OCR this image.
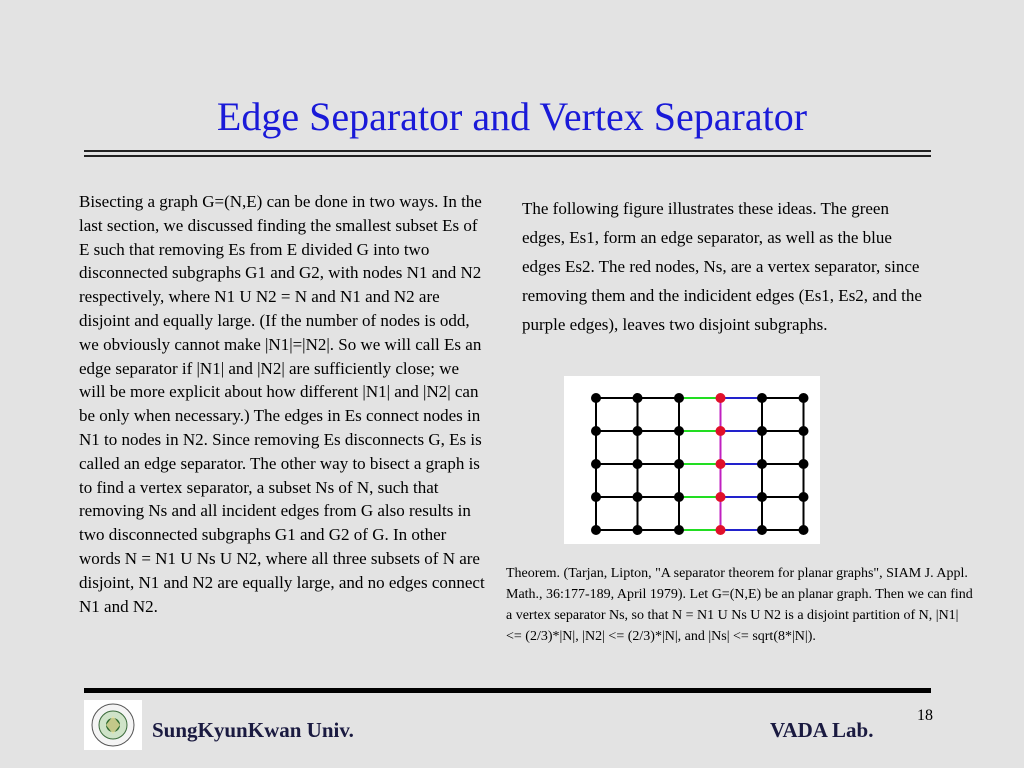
Edge Separator and Vertex Separator
Bisecting a graph G=(N,E) can be done in two ways. In the last section, we discussed finding the smallest subset Es of E such that removing Es from E divided G into two disconnected subgraphs G1 and G2, with nodes N1 and N2 respectively, where N1 U N2 = N and N1 and N2 are disjoint and equally large. (If the number of nodes is odd, we obviously cannot make |N1|=|N2|. So we will call Es an edge separator if |N1| and |N2| are sufficiently close; we will be more explicit about how different |N1| and |N2| can be only when necessary.) The edges in Es connect nodes in N1 to nodes in N2. Since removing Es disconnects G, Es is called an edge separator. The other way to bisect a graph is to find a vertex separator, a subset Ns of N, such that removing Ns and all incident edges from G also results in two disconnected subgraphs G1 and G2 of G. In other words N = N1 U Ns U N2, where all three subsets of N are disjoint, N1 and N2 are equally large, and no edges connect N1 and N2.
The following figure illustrates these ideas. The green edges, Es1, form an edge separator, as well as the blue edges Es2. The red nodes, Ns, are a vertex separator, since removing them and the indicident edges (Es1, Es2, and the purple edges), leaves two disjoint subgraphs.
Theorem. (Tarjan, Lipton, "A separator theorem for planar graphs", SIAM J. Appl. Math., 36:177-189, April 1979). Let G=(N,E) be an planar graph. Then we can find a vertex separator Ns, so that N = N1 U Ns U N2 is a disjoint partition of N, |N1| <= (2/3)*|N|, |N2| <= (2/3)*|N|, and |Ns| <= sqrt(8*|N|).
SungKyunKwan Univ.	VADA Lab.
18
